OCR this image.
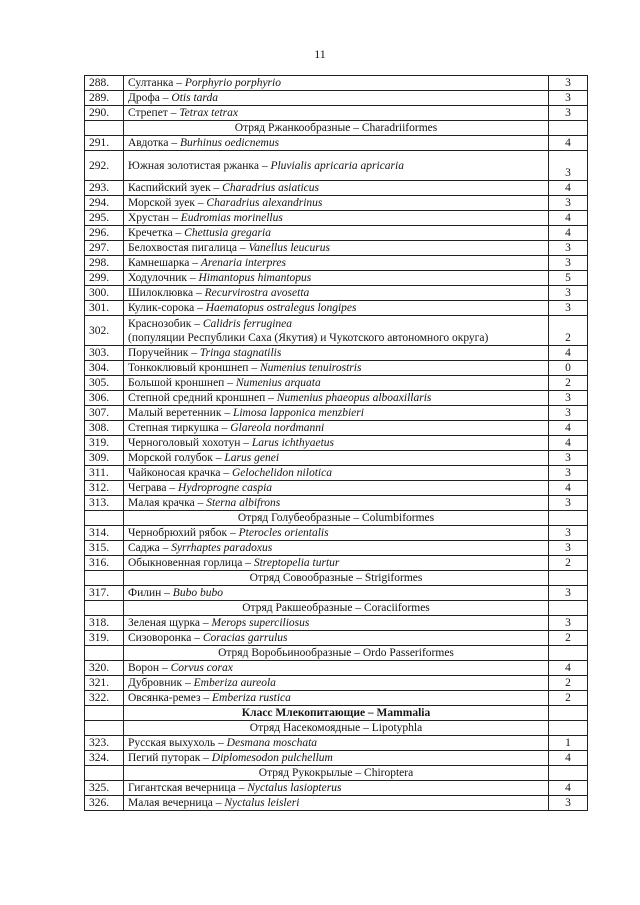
11
288.	Султанка – Porphyrio porphyrio	3
289.	Дрофа – Otis tarda	3
290.	Стрепет – Tetrax tetrax	3
	Отряд Ржанкообразные – Charadriiformes	
291.	Авдотка – Burhinus oedicnemus	4
292.	Южная золотистая ржанка – Pluvialis apricaria apricaria	3
293.	Каспийский зуек – Charadrius asiaticus	4
294.	Морской зуек – Charadrius alexandrinus	3
295.	Хрустан – Eudromias morinellus	4
296.	Кречетка – Chettusia gregaria	4
297.	Белохвостая пигалица – Vanellus leucurus	3
298.	Камнешарка – Arenaria interpres	3
299.	Ходулочник – Himantopus himantopus	5
300.	Шилоклювка – Recurvirostra avosetta	3
301.	Кулик-сорока – Haematopus ostralegus longipes	3
302.	Краснозобик – Calidris ferruginea
(популяции Республики Саха (Якутия) и Чукотского автономного округа)	2
303.	Поручейник – Tringa stagnatilis	4
304.	Тонкоклювый кроншнеп – Numenius tenuirostris	0
305.	Большой кроншнеп – Numenius arquata	2
306.	Степной средний кроншнеп – Numenius phaeopus alboaxillaris	3
307.	Малый веретенник – Limosa lapponica menzbieri	3
308.	Степная тиркушка – Glareola nordmanni	4
319.	Черноголовый хохотун – Larus ichthyaetus	4
309.	Морской голубок – Larus genei	3
311.	Чайконосая крачка – Gelochelidon nilotica	3
312.	Чеграва – Hydroprogne caspia	4
313.	Малая крачка – Sterna albifrons	3
	Отряд Голубеобразные – Columbiformes	
314.	Чернобрюхий рябок – Pterocles orientalis	3
315.	Саджа – Syrrhaptes paradoxus	3
316.	Обыкновенная горлица – Streptopelia turtur	2
	Отряд Совообразные – Strigiformes	
317.	Филин – Bubo bubo	3
	Отряд Ракшеобразные – Coraciiformes	
318.	Зеленая щурка – Merops superciliosus	3
319.	Сизоворонка – Coracias garrulus	2
	Отряд Воробьинообразные – Ordo Passeriformes	
320.	Ворон – Corvus corax	4
321.	Дубровник – Emberiza aureola	2
322.	Овсянка-ремез – Emberiza rustica	2
	Класс Млекопитающие – Mammalia	
	Отряд Насекомоядные – Lipotyphla	
323.	Русская выхухоль – Desmana moschata	1
324.	Пегий путорак – Diplomesodon pulchellum	4
	Отряд Рукокрылые – Chiroptera	
325.	Гигантская вечерница – Nyctalus lasiopterus	4
326.	Малая вечерница – Nyctalus leisleri	3
